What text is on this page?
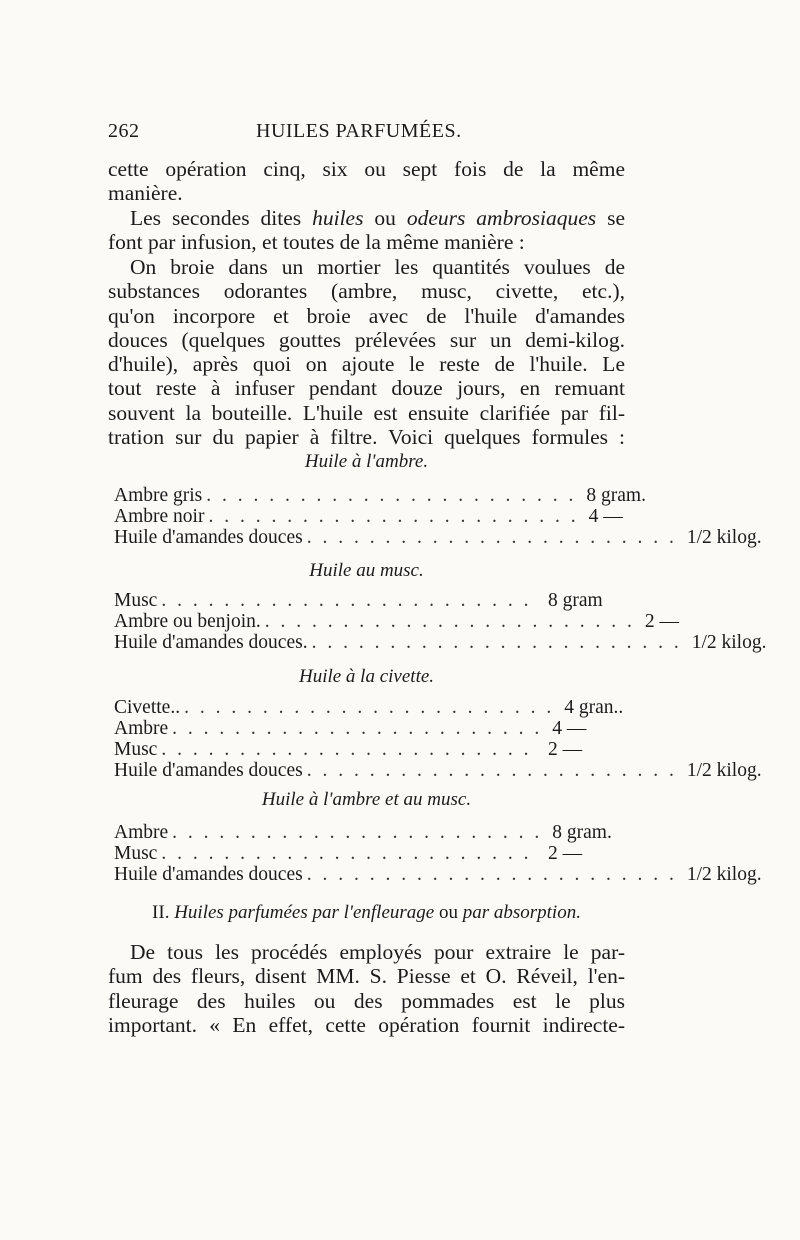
262	HUILES PARFUMÉES.
cette opération cinq, six ou sept fois de la même
manière.
Les secondes dites huiles ou odeurs ambrosiaques se
font par infusion, et toutes de la même manière :
On broie dans un mortier les quantités voulues de
substances odorantes (ambre, musc, civette, etc.),
qu'on incorpore et broie avec de l'huile d'amandes
douces (quelques gouttes prélevées sur un demi-kilog.
d'huile), après quoi on ajoute le reste de l'huile. Le
tout reste à infuser pendant douze jours, en remuant
souvent la bouteille. L'huile est ensuite clarifiée par fil-
tration sur du papier à filtre. Voici quelques formules :
Huile à l'ambre.
Ambre gris . . . . . . . . . . . . . . . . . . . . . . . . 8 gram.
Ambre noir . . . . . . . . . . . . . . . . . . . . . . . . 4 —
Huile d'amandes douces . . . . . . . . . . . . . . . . . . . . . . . . 1/2 kilog.
Huile au musc.
Musc . . . . . . . . . . . . . . . . . . . . . . . . 8 gram
Ambre ou benjoin. . . . . . . . . . . . . . . . . . . . . . . . . 2 —
Huile d'amandes douces. . . . . . . . . . . . . . . . . . . . . . . . . 1/2 kilog.
Huile à la civette.
Civette.. . . . . . . . . . . . . . . . . . . . . . . . . 4 gran..
Ambre . . . . . . . . . . . . . . . . . . . . . . . . 4 —
Musc . . . . . . . . . . . . . . . . . . . . . . . . 2 —
Huile d'amandes douces . . . . . . . . . . . . . . . . . . . . . . . . 1/2 kilog.
Huile à l'ambre et au musc.
Ambre . . . . . . . . . . . . . . . . . . . . . . . . 8 gram.
Musc . . . . . . . . . . . . . . . . . . . . . . . . 2 —
Huile d'amandes douces . . . . . . . . . . . . . . . . . . . . . . . . 1/2 kilog.
II. Huiles parfumées par l'enfleurage ou par absorption.
De tous les procédés employés pour extraire le par-
fum des fleurs, disent MM. S. Piesse et O. Réveil, l'en-
fleurage des huiles ou des pommades est le plus
important. « En effet, cette opération fournit indirecte-
